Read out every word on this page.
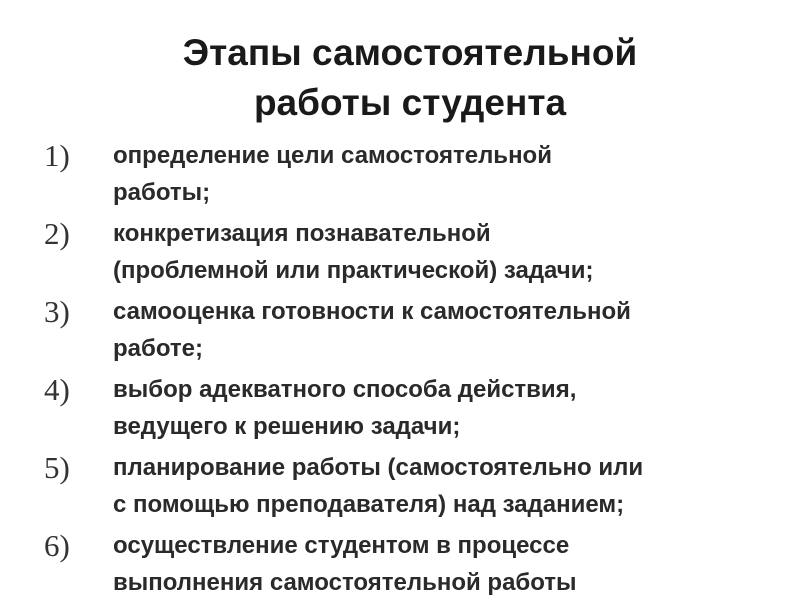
Этапы самостоятельной
работы студента
1)	определение цели самостоятельной
работы;
2)	конкретизация познавательной
(проблемной или практической) задачи;
3)	самооценка готовности к самостоятельной
работе;
4)	выбор адекватного способа действия,
ведущего к решению задачи;
5)	планирование работы (самостоятельно или
с помощью преподавателя) над заданием;
6)	осуществление студентом в процессе
выполнения самостоятельной работы
